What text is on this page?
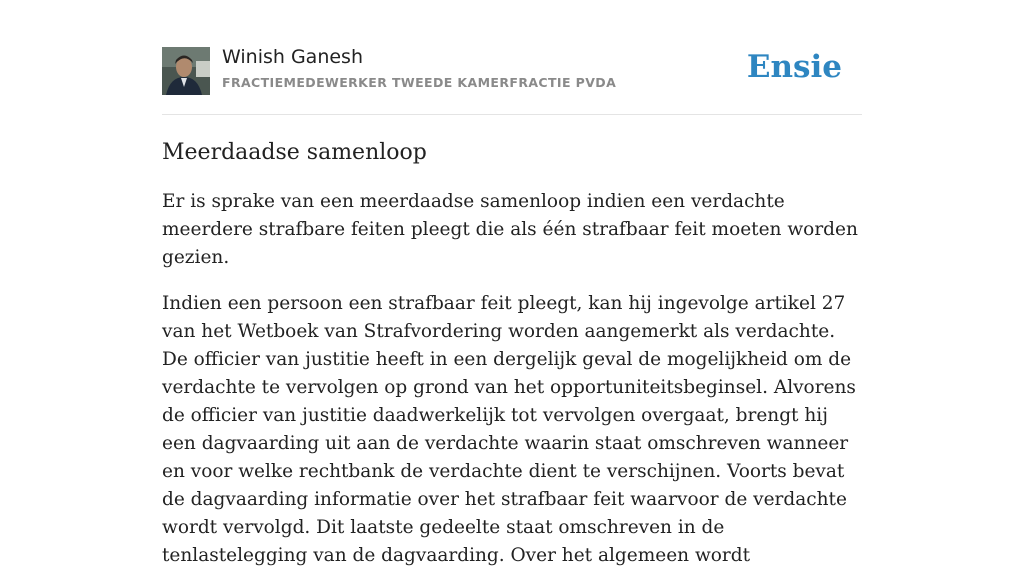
Winish Ganesh
FRACTIEMEDEWERKER TWEEDE KAMERFRACTIE PVDA	Ensie
Meerdaadse samenloop

Er is sprake van een meerdaadse samenloop indien een verdachte meerdere strafbare feiten pleegt die als één strafbaar feit moeten worden gezien.

Indien een persoon een strafbaar feit pleegt, kan hij ingevolge artikel 27 van het Wetboek van Strafvordering worden aangemerkt als verdachte. De officier van justitie heeft in een dergelijk geval de mogelijkheid om de verdachte te vervolgen op grond van het opportuniteitsbeginsel. Alvorens de officier van justitie daadwerkelijk tot vervolgen overgaat, brengt hij een dagvaarding uit aan de verdachte waarin staat omschreven wanneer en voor welke rechtbank de verdachte dient te verschijnen. Voorts bevat de dagvaarding informatie over het strafbaar feit waarvoor de verdachte wordt vervolgd. Dit laatste gedeelte staat omschreven in de tenlastelegging van de dagvaarding. Over het algemeen wordt
